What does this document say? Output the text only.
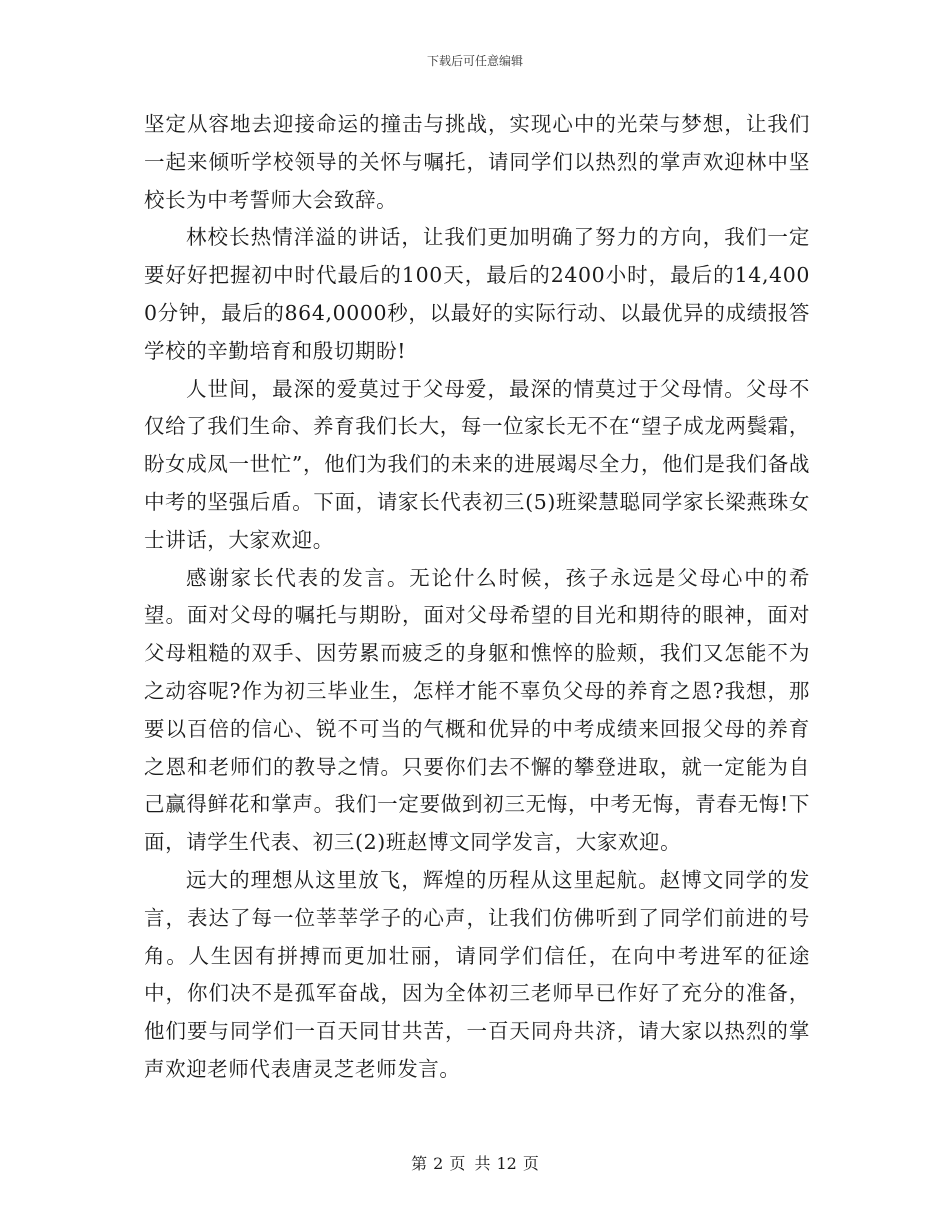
下载后可任意编辑

坚定从容地去迎接命运的撞击与挑战，实现心中的光荣与梦想，让我们一起来倾听学校领导的关怀与嘱托，请同学们以热烈的掌声欢迎林中坚校长为中考誓师大会致辞。

林校长热情洋溢的讲话，让我们更加明确了努力的方向，我们一定要好好把握初中时代最后的100天，最后的2400小时，最后的14,4000分钟，最后的864,0000秒，以最好的实际行动、以最优异的成绩报答学校的辛勤培育和殷切期盼!

人世间，最深的爱莫过于父母爱，最深的情莫过于父母情。父母不仅给了我们生命、养育我们长大，每一位家长无不在“望子成龙两鬓霜，盼女成凤一世忙”，他们为我们的未来的进展竭尽全力，他们是我们备战中考的坚强后盾。下面，请家长代表初三(5)班梁慧聪同学家长梁燕珠女士讲话，大家欢迎。

感谢家长代表的发言。无论什么时候，孩子永远是父母心中的希望。面对父母的嘱托与期盼，面对父母希望的目光和期待的眼神，面对父母粗糙的双手、因劳累而疲乏的身躯和憔悴的脸颊，我们又怎能不为之动容呢?作为初三毕业生，怎样才能不辜负父母的养育之恩?我想，那要以百倍的信心、锐不可当的气概和优异的中考成绩来回报父母的养育之恩和老师们的教导之情。只要你们去不懈的攀登进取，就一定能为自己赢得鲜花和掌声。我们一定要做到初三无悔，中考无悔，青春无悔!下面，请学生代表、初三(2)班赵博文同学发言，大家欢迎。

远大的理想从这里放飞，辉煌的历程从这里起航。赵博文同学的发言，表达了每一位莘莘学子的心声，让我们仿佛听到了同学们前进的号角。人生因有拼搏而更加壮丽，请同学们信任，在向中考进军的征途中，你们决不是孤军奋战，因为全体初三老师早已作好了充分的准备，他们要与同学们一百天同甘共苦，一百天同舟共济，请大家以热烈的掌声欢迎老师代表唐灵芝老师发言。

第 2 页 共 12 页
